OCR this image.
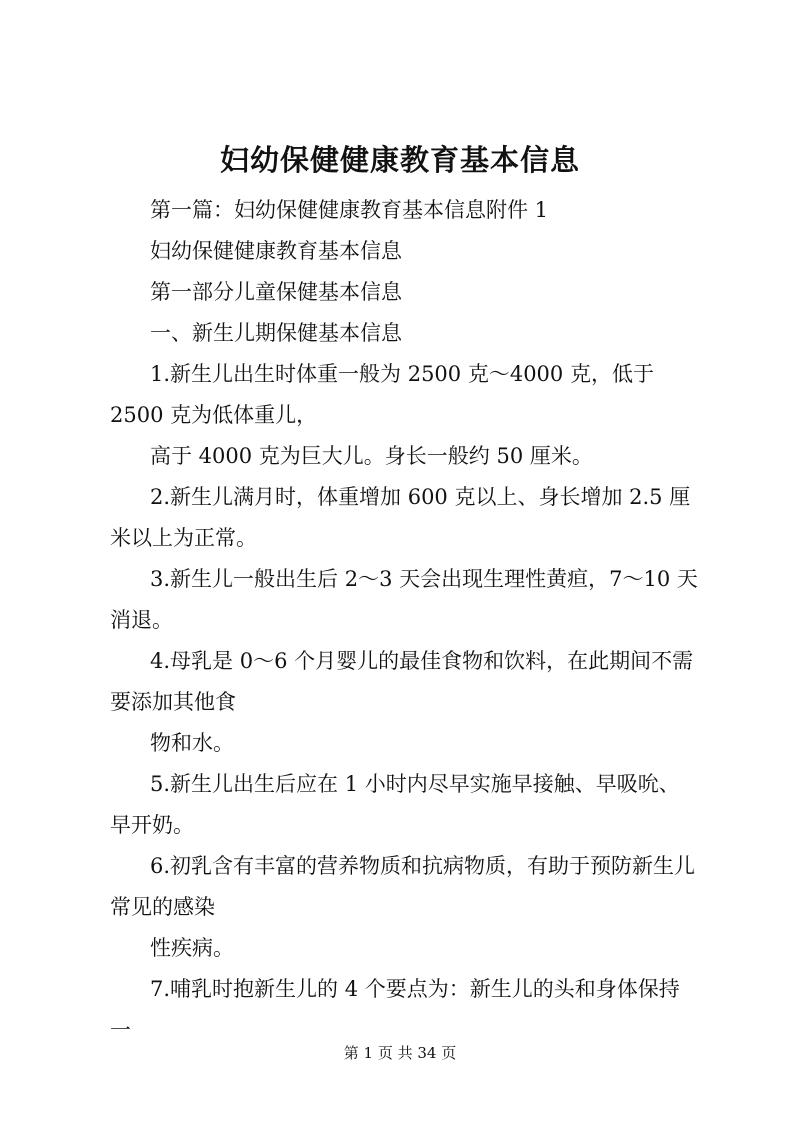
妇幼保健健康教育基本信息

第一篇：妇幼保健健康教育基本信息附件 1

妇幼保健健康教育基本信息

第一部分儿童保健基本信息

一、新生儿期保健基本信息

1.新生儿出生时体重一般为 2500 克～4000 克，低于 2500 克为低体重儿，

高于 4000 克为巨大儿。身长一般约 50 厘米。

2.新生儿满月时，体重增加 600 克以上、身长增加 2.5 厘米以上为正常。

3.新生儿一般出生后 2～3 天会出现生理性黄疸，7～10 天消退。

4.母乳是 0～6 个月婴儿的最佳食物和饮料，在此期间不需要添加其他食

物和水。

5.新生儿出生后应在 1 小时内尽早实施早接触、早吸吮、早开奶。

6.初乳含有丰富的营养物质和抗病物质，有助于预防新生儿常见的感染

性疾病。

7.哺乳时抱新生儿的 4 个要点为：新生儿的头和身体保持一

第 1 页 共 34 页
